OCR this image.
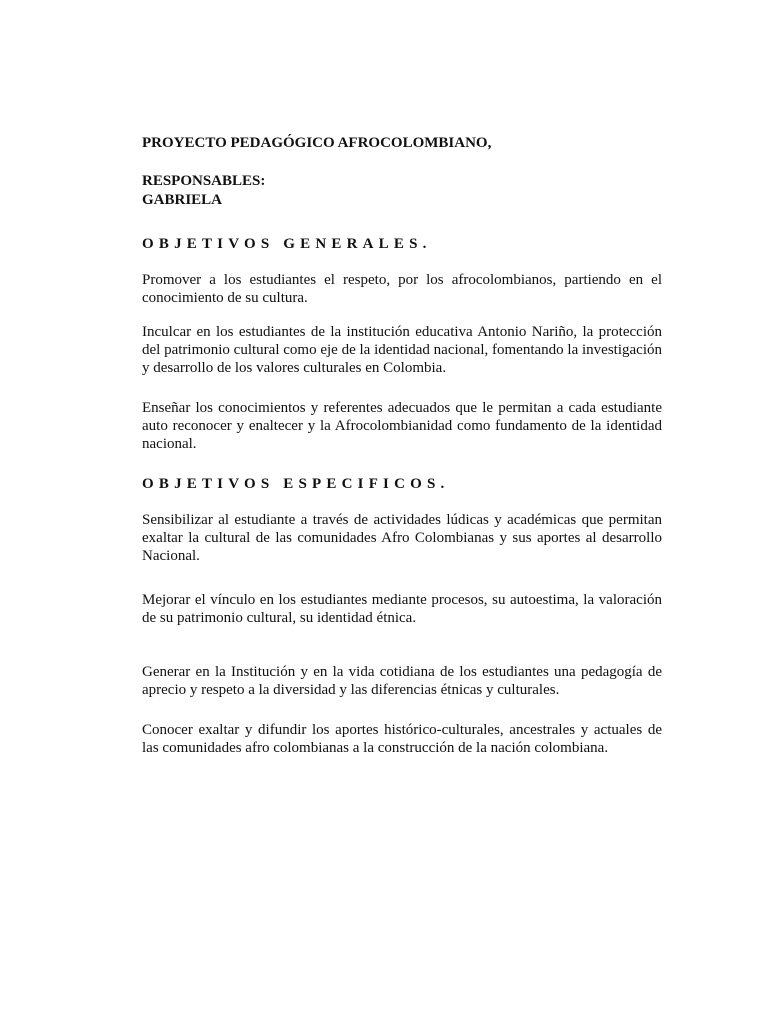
PROYECTO PEDAGÓGICO AFROCOLOMBIANO,

RESPONSABLES:

GABRIELA

OBJETIVOS GENERALES.

Promover a los estudiantes el respeto, por los afrocolombianos, partiendo en el conocimiento de su cultura.

Inculcar en los estudiantes de la institución educativa Antonio Nariño, la protección del patrimonio cultural como eje de la identidad nacional, fomentando la investigación y desarrollo de los valores culturales en Colombia.

Enseñar los conocimientos y referentes adecuados que le permitan a cada estudiante auto reconocer y enaltecer y la Afrocolombianidad como fundamento de la identidad nacional.

OBJETIVOS ESPECIFICOS.

Sensibilizar al estudiante a través de actividades lúdicas y académicas que permitan exaltar la cultural de las comunidades Afro Colombianas y sus aportes al desarrollo Nacional.

Mejorar el vínculo en los estudiantes mediante procesos, su autoestima, la valoración de su patrimonio cultural, su identidad étnica.

Generar en la Institución y en la vida cotidiana de los estudiantes una pedagogía de aprecio y respeto a la diversidad y las diferencias étnicas y culturales.

Conocer exaltar y difundir los aportes histórico-culturales, ancestrales y actuales de las comunidades afro colombianas a la construcción de la nación colombiana.
